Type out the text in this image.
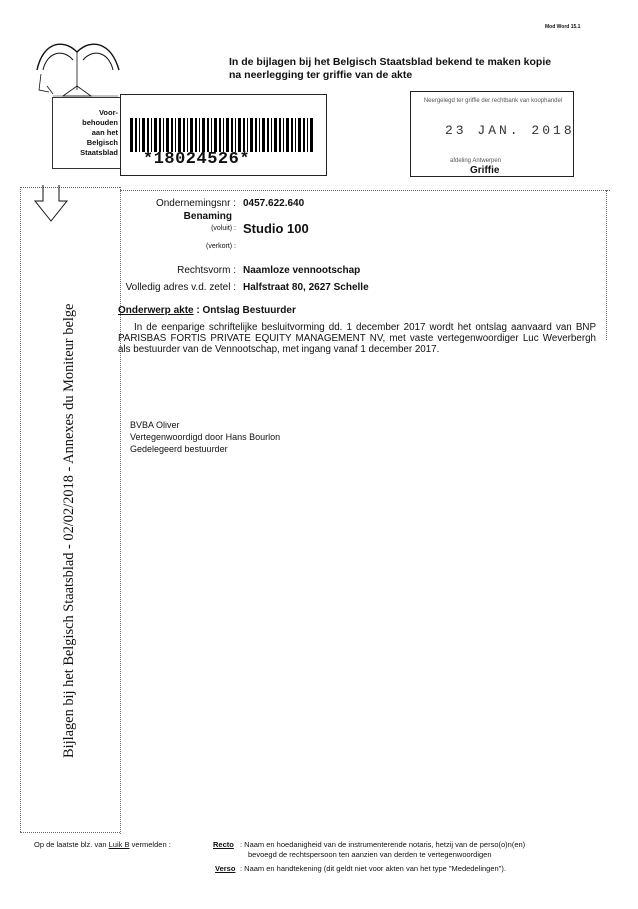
Mod Word 15.1
In de bijlagen bij het Belgisch Staatsblad bekend te maken kopie
na neerlegging ter griffie van de akte
Voor-
behouden
aan het
Belgisch
Staatsblad *18024526*
Neergelegd ter griffie der rechtbank van koophandel
23 JAN. 2018
afdeling Antwerpen
Griffie
Bijlagen bij het Belgisch Staatsblad - 02/02/2018 - Annexes du Moniteur belge
Ondernemingsnr : 0457.622.640
Benaming
(voluit) : Studio 100
(verkort) :
Rechtsvorm : Naamloze vennootschap
Volledig adres v.d. zetel : Halfstraat 80, 2627 Schelle
Onderwerp akte : Ontslag Bestuurder
In de eenparige schriftelijke besluitvorming dd. 1 december 2017 wordt het ontslag aanvaard van BNP PARISBAS FORTIS PRIVATE EQUITY MANAGEMENT NV, met vaste vertegenwoordiger Luc Weverbergh als bestuurder van de Vennootschap, met ingang vanaf 1 december 2017.
BVBA Oliver
Vertegenwoordigd door Hans Bourlon
Gedelegeerd bestuurder
Op de laatste blz. van Luik B vermelden :	Recto : Naam en hoedanigheid van de instrumenterende notaris, hetzij van de perso(o)n(en)
bevoegd de rechtspersoon ten aanzien van derden te vertegenwoordigen
Verso : Naam en handtekening (dit geldt niet voor akten van het type "Mededelingen").
